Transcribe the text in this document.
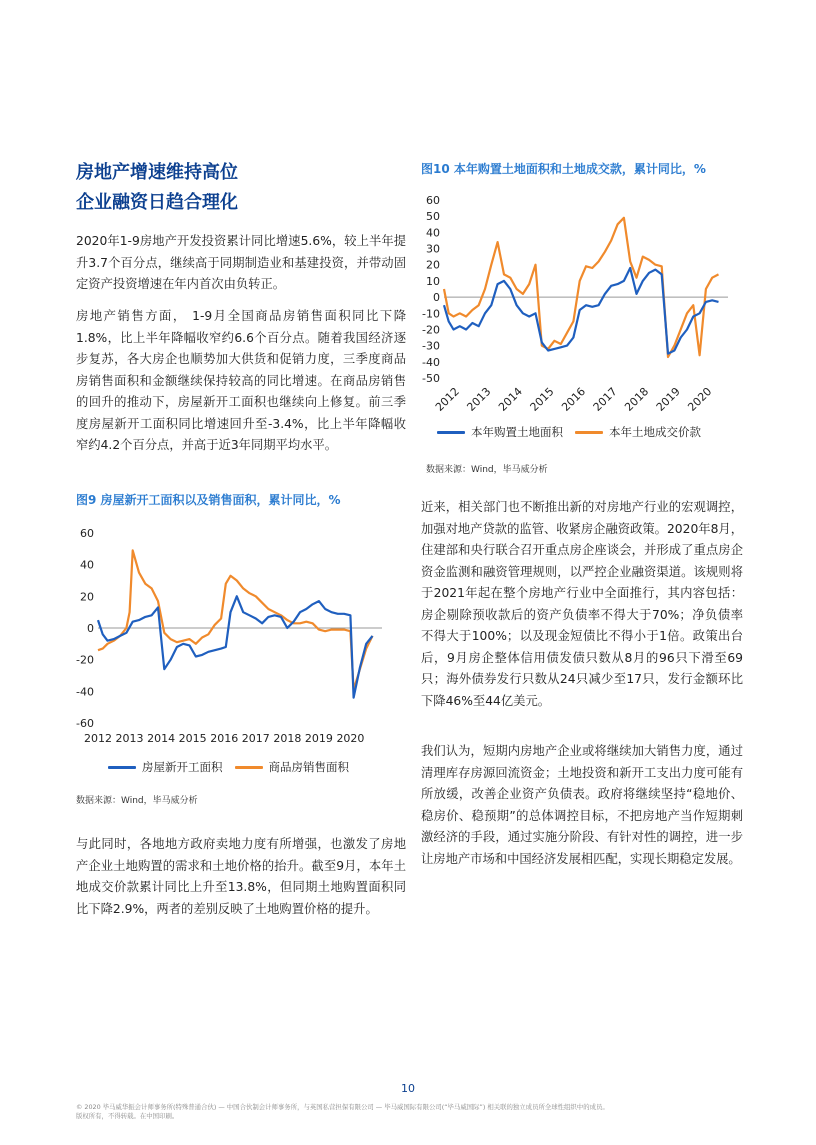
房地产增速维持高位
企业融资日趋合理化

2020年1-9房地产开发投资累计同比增速5.6%，较上半年提升3.7个百分点，继续高于同期制造业和基建投资，并带动固定资产投资增速在年内首次由负转正。

房地产销售方面， 1-9月全国商品房销售面积同比下降1.8%，比上半年降幅收窄约6.6个百分点。随着我国经济逐步复苏，各大房企也顺势加大供货和促销力度，三季度商品房销售面积和金额继续保持较高的同比增速。在商品房销售的回升的推动下，房屋新开工面积也继续向上修复。前三季度房屋新开工面积同比增速回升至-3.4%，比上半年降幅收窄约4.2个百分点，并高于近3年同期平均水平。

图9 房屋新开工面积以及销售面积，累计同比，%
60
40
20
0
-20
-40
-60
2012 2013 2014 2015 2016 2017 2018 2019 2020
房屋新开工面积	商品房销售面积
数据来源：Wind，毕马威分析

与此同时，各地地方政府卖地力度有所增强，也激发了房地产企业土地购置的需求和土地价格的抬升。截至9月，本年土地成交价款累计同比上升至13.8%，但同期土地购置面积同比下降2.9%，两者的差别反映了土地购置价格的提升。

图10 本年购置土地面积和土地成交款，累计同比，%
60
50
40
30
20
10
0
-10
-20
-30
-40
-50
2012 2013 2014 2015 2016 2017 2018 2019 2020
本年购置土地面积	本年土地成交价款
数据来源：Wind，毕马威分析

近来，相关部门也不断推出新的对房地产行业的宏观调控，加强对地产贷款的监管、收紧房企融资政策。2020年8月，住建部和央行联合召开重点房企座谈会，并形成了重点房企资金监测和融资管理规则，以严控企业融资渠道。该规则将于2021年起在整个房地产行业中全面推行，其内容包括：房企剔除预收款后的资产负债率不得大于70%；净负债率不得大于100%；以及现金短债比不得小于1倍。政策出台后，9月房企整体信用债发债只数从8月的96只下滑至69只；海外债券发行只数从24只减少至17只，发行金额环比下降46%至44亿美元。

我们认为，短期内房地产企业或将继续加大销售力度，通过清理库存房源回流资金；土地投资和新开工支出力度可能有所放缓，改善企业资产负债表。政府将继续坚持“稳地价、稳房价、稳预期”的总体调控目标，不把房地产当作短期刺激经济的手段，通过实施分阶段、有针对性的调控，进一步让房地产市场和中国经济发展相匹配，实现长期稳定发展。

10
© 2020 毕马威华振会计师事务所(特殊普通合伙) — 中国合伙制会计师事务所，与英国私营担保有限公司 — 毕马威国际有限公司(“毕马威国际”) 相关联的独立成员所全球性组织中的成员。
版权所有，不得转载。在中国印刷。
